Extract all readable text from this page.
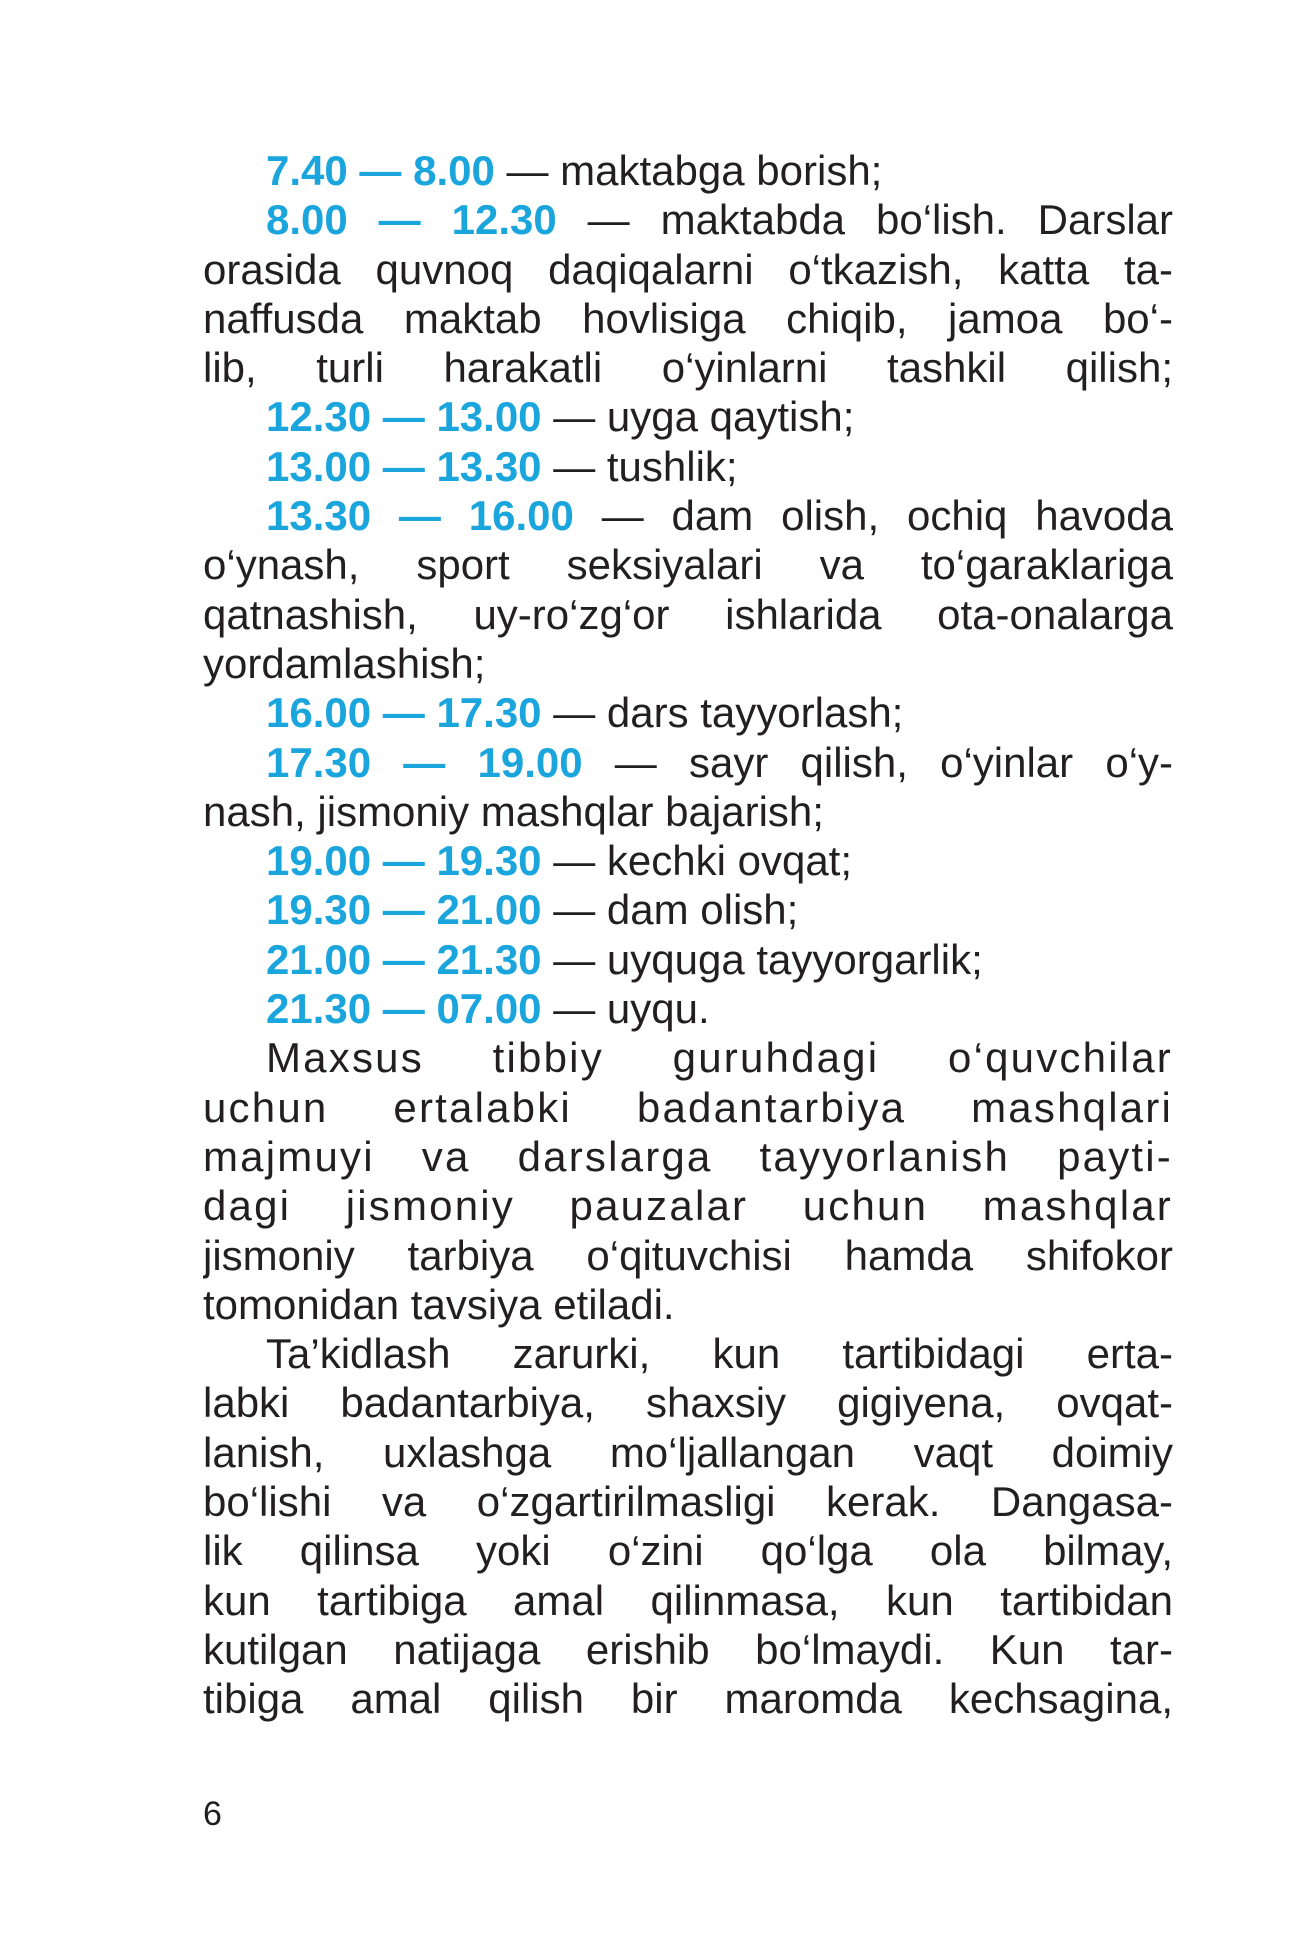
7.40 — 8.00 — maktabga borish;
8.00 — 12.30 — maktabda bo‘lish. Darslar
orasida quvnoq daqiqalarni o‘tkazish, katta ta-
naffusda maktab hovlisiga chiqib, jamoa bo‘-
lib, turli harakatli o‘yinlarni tashkil qilish;
12.30 — 13.00 — uyga qaytish;
13.00 — 13.30 — tushlik;
13.30 — 16.00 — dam olish, ochiq havoda
o‘ynash, sport seksiyalari va to‘garaklariga
qatnashish, uy-ro‘zg‘or ishlarida ota-onalarga
yordamlashish;
16.00 — 17.30 — dars tayyorlash;
17.30 — 19.00 — sayr qilish, o‘yinlar o‘y-
nash, jismoniy mashqlar bajarish;
19.00 — 19.30 — kechki ovqat;
19.30 — 21.00 — dam olish;
21.00 — 21.30 — uyquga tayyorgarlik;
21.30 — 07.00 — uyqu.
Maxsus tibbiy guruhdagi o‘quvchilar
uchun ertalabki badantarbiya mashqlari
majmuyi va darslarga tayyorlanish payti-
dagi jismoniy pauzalar uchun mashqlar
jismoniy tarbiya o‘qituvchisi hamda shifokor
tomonidan tavsiya etiladi.
Ta’kidlash zarurki, kun tartibidagi erta-
labki badantarbiya, shaxsiy gigiyena, ovqat-
lanish, uxlashga mo‘ljallangan vaqt doimiy
bo‘lishi va o‘zgartirilmasligi kerak. Dangasa-
lik qilinsa yoki o‘zini qo‘lga ola bilmay,
kun tartibiga amal qilinmasa, kun tartibidan
kutilgan natijaga erishib bo‘lmaydi. Kun tar-
tibiga amal qilish bir maromda kechsagina,
6
